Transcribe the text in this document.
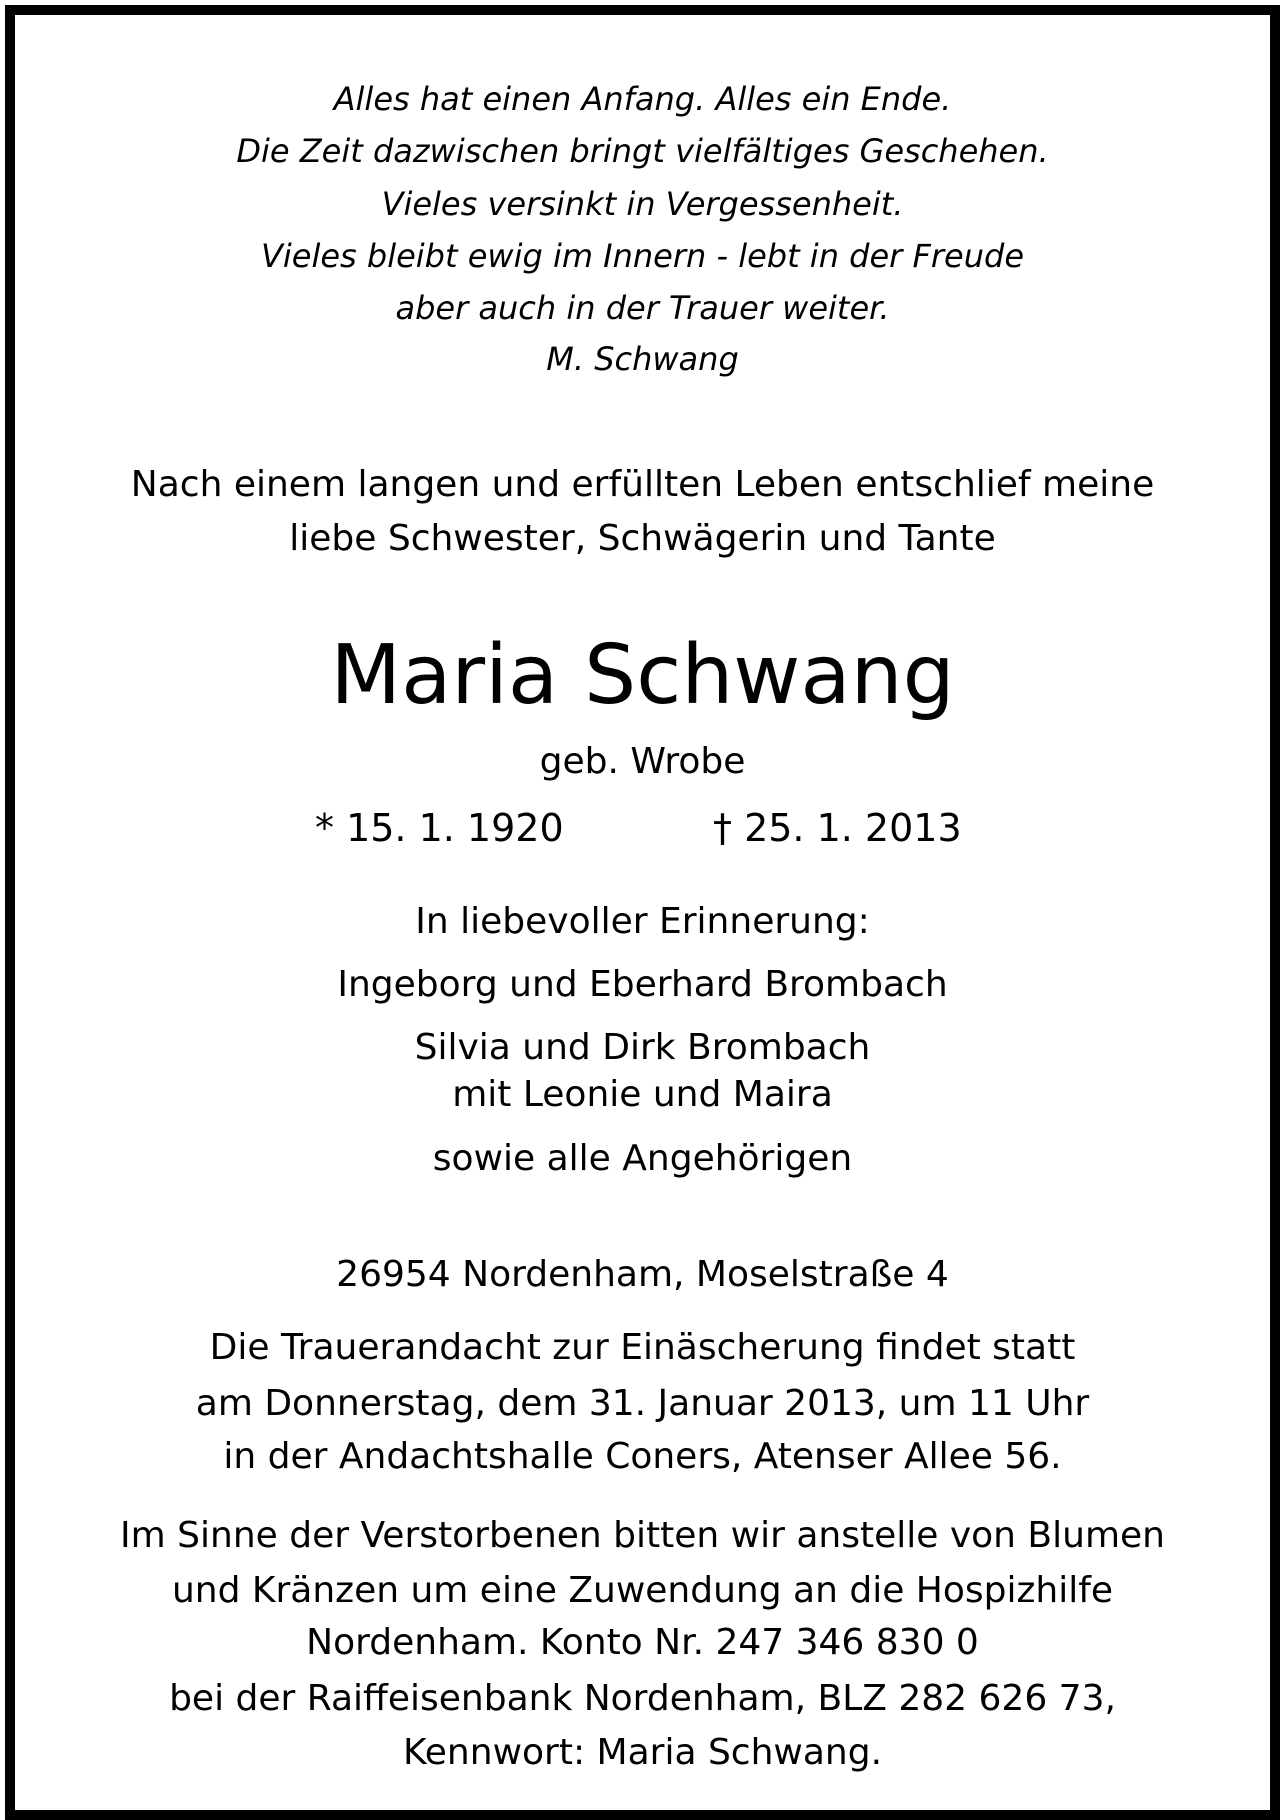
Alles hat einen Anfang. Alles ein Ende.
Die Zeit dazwischen bringt vielfältiges Geschehen.
Vieles versinkt in Vergessenheit.
Vieles bleibt ewig im Innern - lebt in der Freude
aber auch in der Trauer weiter.
M. Schwang
Nach einem langen und erfüllten Leben entschlief meine
liebe Schwester, Schwägerin und Tante
Maria Schwang
geb. Wrobe
* 15. 1. 1920	† 25. 1. 2013
In liebevoller Erinnerung:
Ingeborg und Eberhard Brombach
Silvia und Dirk Brombach
mit Leonie und Maira
sowie alle Angehörigen
26954 Nordenham, Moselstraße 4
Die Trauerandacht zur Einäscherung findet statt
am Donnerstag, dem 31. Januar 2013, um 11 Uhr
in der Andachtshalle Coners, Atenser Allee 56.
Im Sinne der Verstorbenen bitten wir anstelle von Blumen
und Kränzen um eine Zuwendung an die Hospizhilfe
Nordenham. Konto Nr. 247 346 830 0
bei der Raiffeisenbank Nordenham, BLZ 282 626 73,
Kennwort: Maria Schwang.
